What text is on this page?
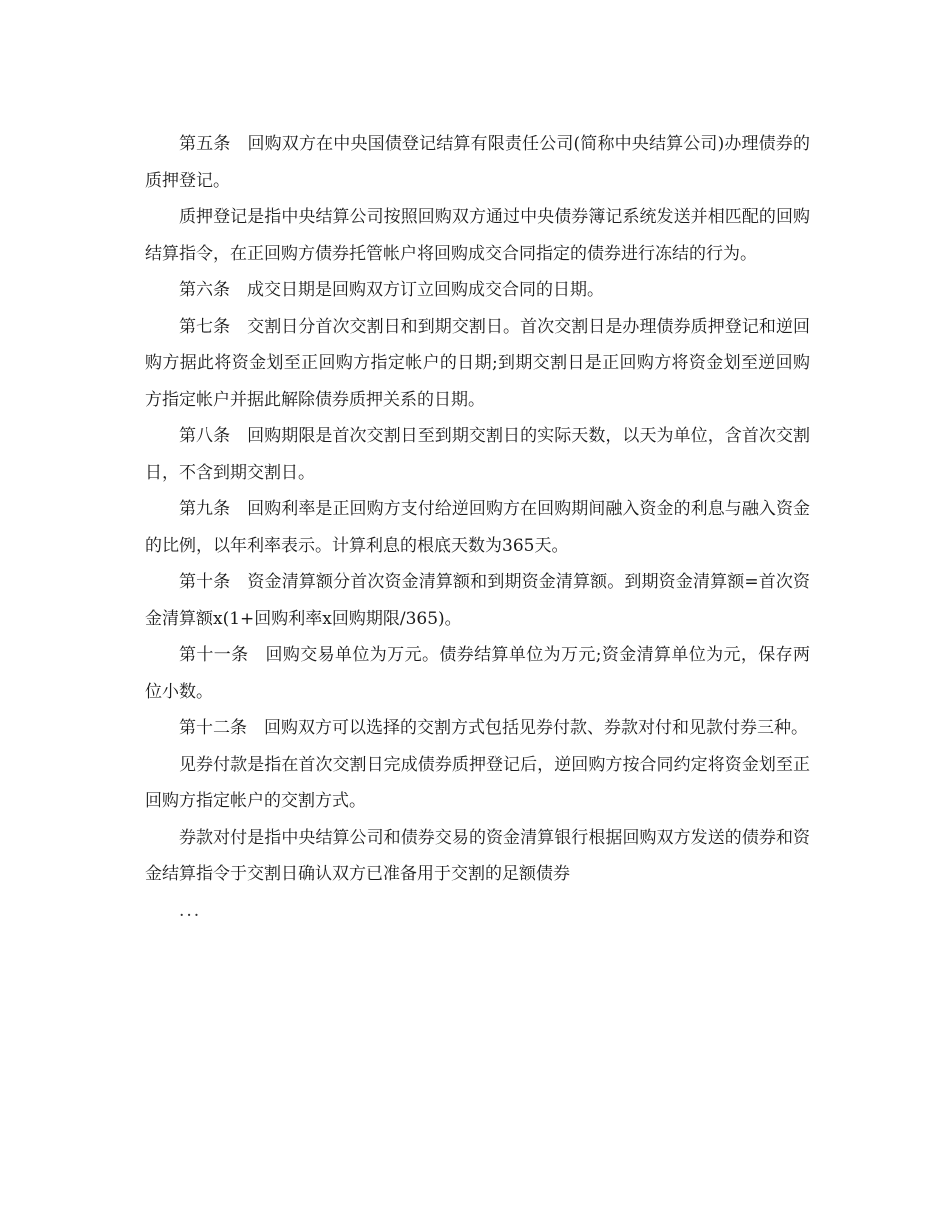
第五条 回购双方在中央国债登记结算有限责任公司(简称中央结算公司)办理债券的质押登记。

质押登记是指中央结算公司按照回购双方通过中央债券簿记系统发送并相匹配的回购结算指令，在正回购方债券托管帐户将回购成交合同指定的债券进行冻结的行为。

第六条 成交日期是回购双方订立回购成交合同的日期。

第七条 交割日分首次交割日和到期交割日。首次交割日是办理债券质押登记和逆回购方据此将资金划至正回购方指定帐户的日期;到期交割日是正回购方将资金划至逆回购方指定帐户并据此解除债券质押关系的日期。

第八条 回购期限是首次交割日至到期交割日的实际天数，以天为单位，含首次交割日，不含到期交割日。

第九条 回购利率是正回购方支付给逆回购方在回购期间融入资金的利息与融入资金的比例，以年利率表示。计算利息的根底天数为365天。

第十条 资金清算额分首次资金清算额和到期资金清算额。到期资金清算额=首次资金清算额x(1+回购利率x回购期限/365)。

第十一条 回购交易单位为万元。债券结算单位为万元;资金清算单位为元，保存两位小数。

第十二条 回购双方可以选择的交割方式包括见券付款、券款对付和见款付券三种。

见券付款是指在首次交割日完成债券质押登记后，逆回购方按合同约定将资金划至正回购方指定帐户的交割方式。

券款对付是指中央结算公司和债券交易的资金清算银行根据回购双方发送的债券和资金结算指令于交割日确认双方已准备用于交割的足额债券

...
